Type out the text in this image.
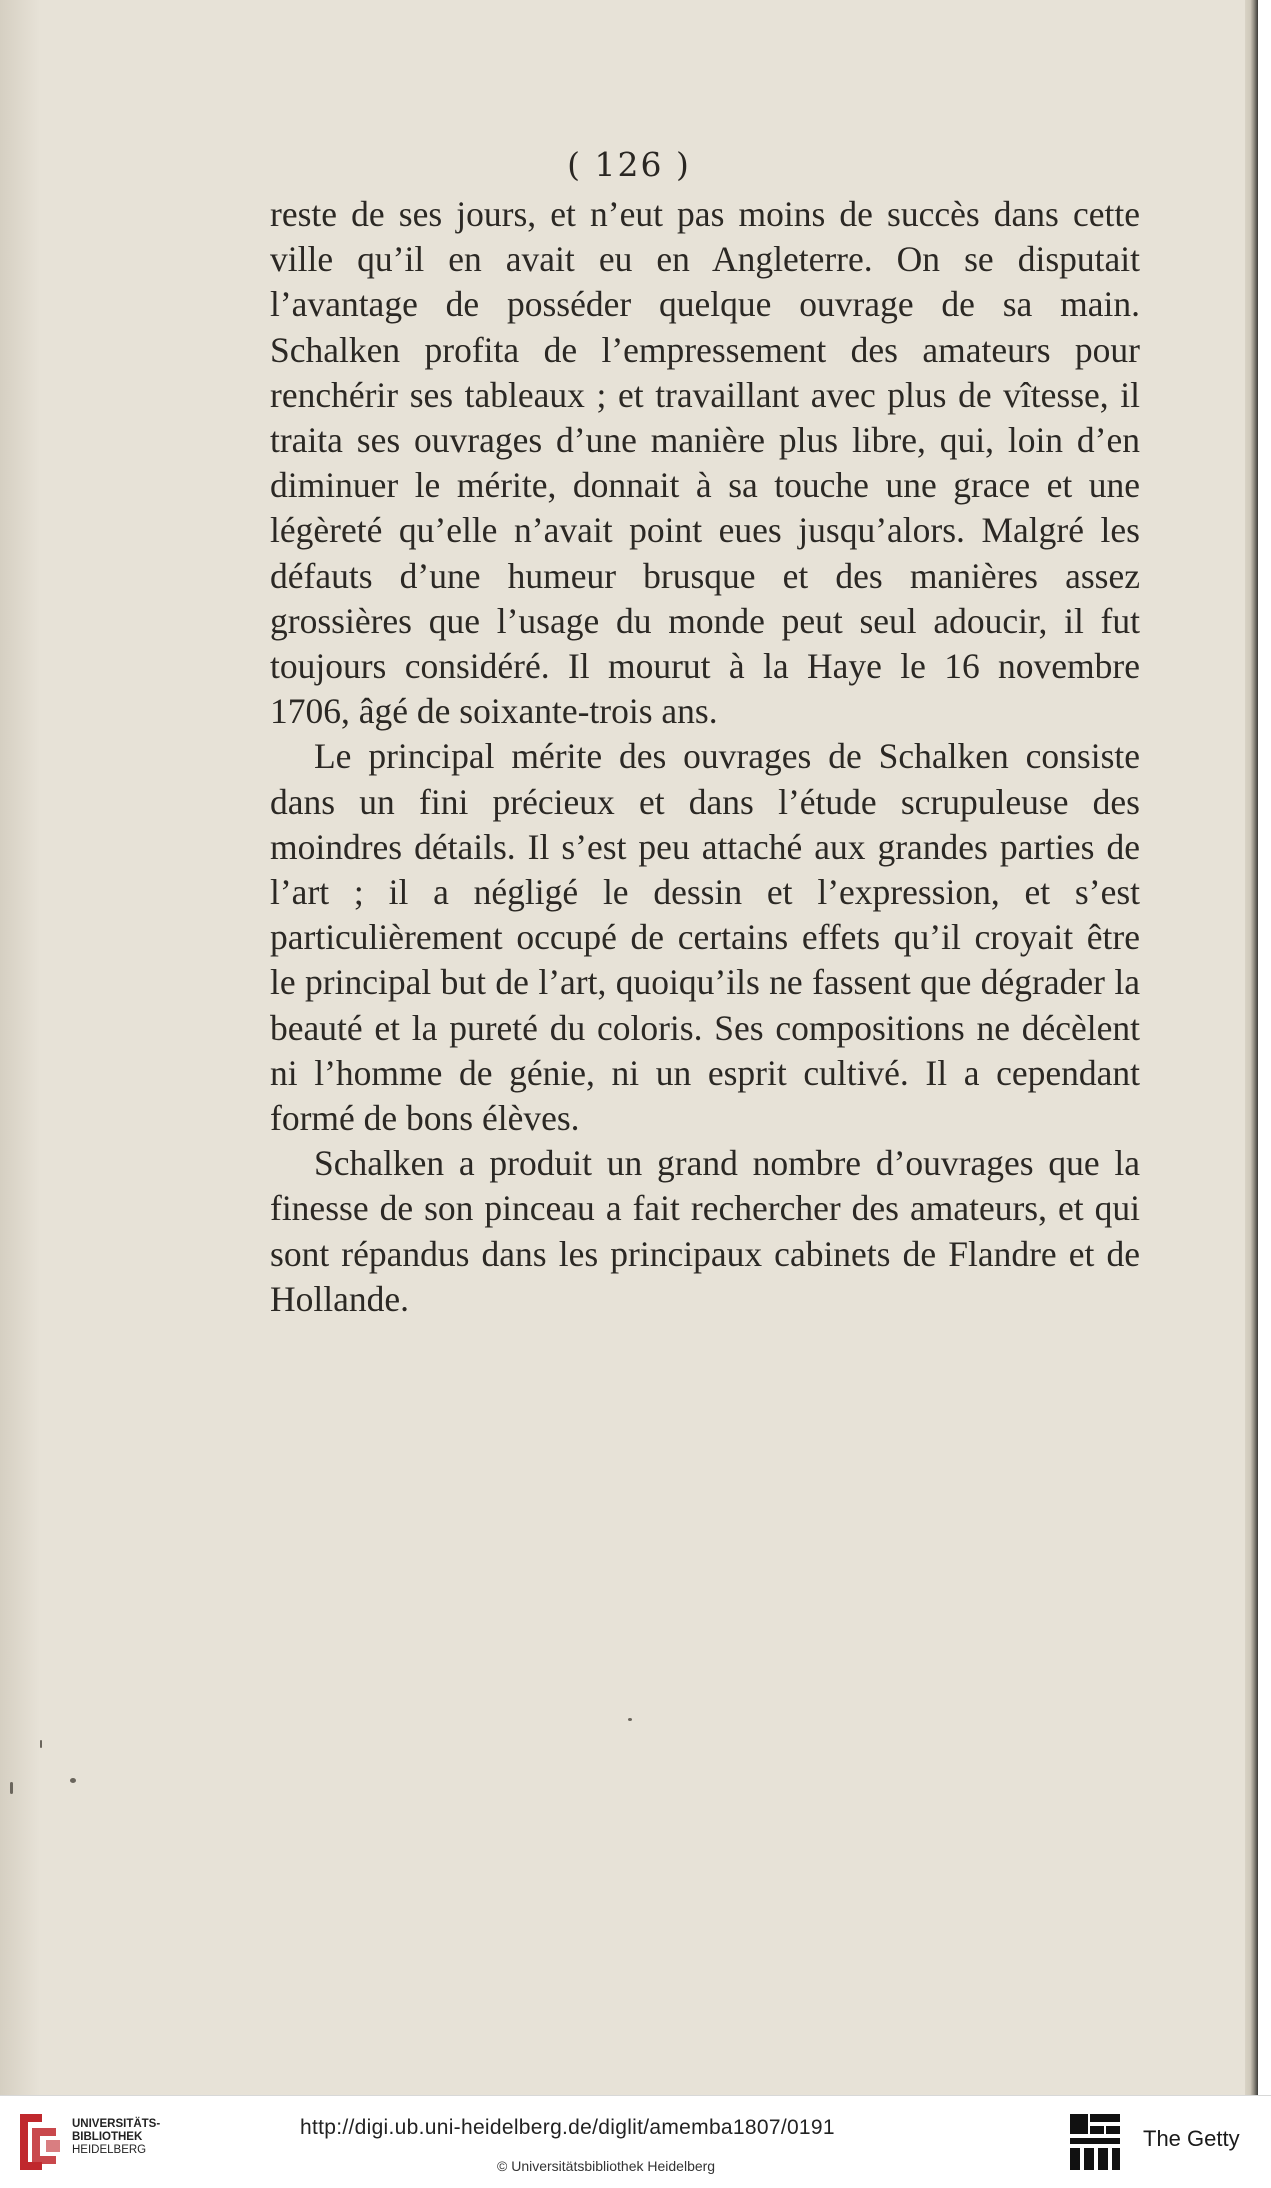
( 126 )

reste de ses jours, et n’eut pas moins de succès dans cette ville qu’il en avait eu en Angleterre. On se disputait l’avantage de posséder quelque ouvrage de sa main. Schalken profita de l’empressement des amateurs pour renchérir ses tableaux ; et travaillant avec plus de vîtesse, il traita ses ouvrages d’une manière plus libre, qui, loin d’en diminuer le mérite, donnait à sa touche une grace et une légèreté qu’elle n’avait point eues jusqu’alors. Malgré les défauts d’une humeur brusque et des manières assez grossières que l’usage du monde peut seul adoucir, il fut toujours considéré. Il mourut à la Haye le 16 novembre 1706, âgé de soixante-trois ans.

Le principal mérite des ouvrages de Schalken consiste dans un fini précieux et dans l’étude scrupuleuse des moindres détails. Il s’est peu attaché aux grandes parties de l’art ; il a négligé le dessin et l’expression, et s’est particulièrement occupé de certains effets qu’il croyait être le principal but de l’art, quoiqu’ils ne fassent que dégrader la beauté et la pureté du coloris. Ses compositions ne décèlent ni l’homme de génie, ni un esprit cultivé. Il a cependant formé de bons élèves.

Schalken a produit un grand nombre d’ouvrages que la finesse de son pinceau a fait rechercher des amateurs, et qui sont répandus dans les principaux cabinets de Flandre et de Hollande.

UNIVERSITÄTS-
BIBLIOTHEK
HEIDELBERG
http://digi.ub.uni-heidelberg.de/diglit/amemba1807/0191
© Universitätsbibliothek Heidelberg
The Getty
